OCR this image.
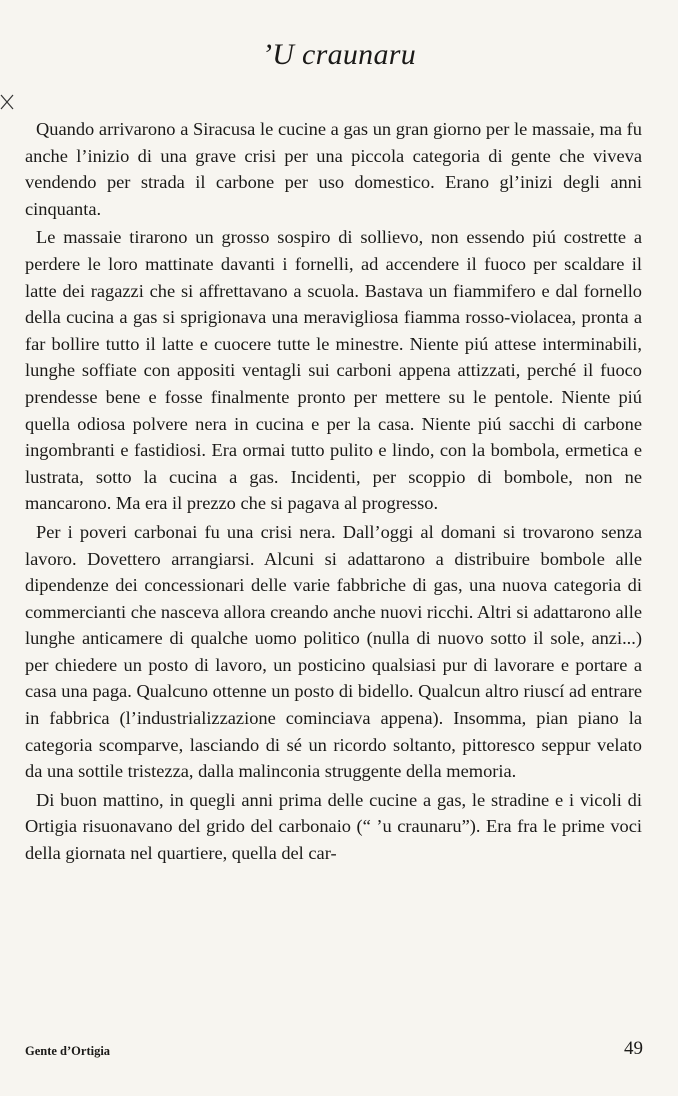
’U craunaru

Quando arrivarono a Siracusa le cucine a gas un gran giorno per le massaie, ma fu anche l’inizio di una grave crisi per una piccola categoria di gente che viveva vendendo per strada il carbone per uso domestico. Erano gl’inizi degli anni cinquanta.

Le massaie tirarono un grosso sospiro di sollievo, non essendo piú costrette a perdere le loro mattinate davanti i fornelli, ad accendere il fuoco per scaldare il latte dei ragazzi che si affrettavano a scuola. Bastava un fiammifero e dal fornello della cucina a gas si sprigionava una meravigliosa fiamma rosso-violacea, pronta a far bollire tutto il latte e cuocere tutte le minestre. Niente piú attese interminabili, lunghe soffiate con appositi ventagli sui carboni appena attizzati, perché il fuoco prendesse bene e fosse finalmente pronto per mettere su le pentole. Niente piú quella odiosa polvere nera in cucina e per la casa. Niente piú sacchi di carbone ingombranti e fastidiosi. Era ormai tutto pulito e lindo, con la bombola, ermetica e lustrata, sotto la cucina a gas. Incidenti, per scoppio di bombole, non ne mancarono. Ma era il prezzo che si pagava al progresso.

Per i poveri carbonai fu una crisi nera. Dall’oggi al domani si trovarono senza lavoro. Dovettero arrangiarsi. Alcuni si adattarono a distribuire bombole alle dipendenze dei concessionari delle varie fabbriche di gas, una nuova categoria di commercianti che nasceva allora creando anche nuovi ricchi. Altri si adattarono alle lunghe anticamere di qualche uomo politico (nulla di nuovo sotto il sole, anzi...) per chiedere un posto di lavoro, un posticino qualsiasi pur di lavorare e portare a casa una paga. Qualcuno ottenne un posto di bidello. Qualcun altro riuscí ad entrare in fabbrica (l’industrializzazione cominciava appena). Insomma, pian piano la categoria scomparve, lasciando di sé un ricordo soltanto, pittoresco seppur velato da una sottile tristezza, dalla malinconia struggente della memoria.

Di buon mattino, in quegli anni prima delle cucine a gas, le stradine e i vicoli di Ortigia risuonavano del grido del carbonaio (“ ’u craunaru”). Era fra le prime voci della giornata nel quartiere, quella del car-

Gente d’Ortigia	49
